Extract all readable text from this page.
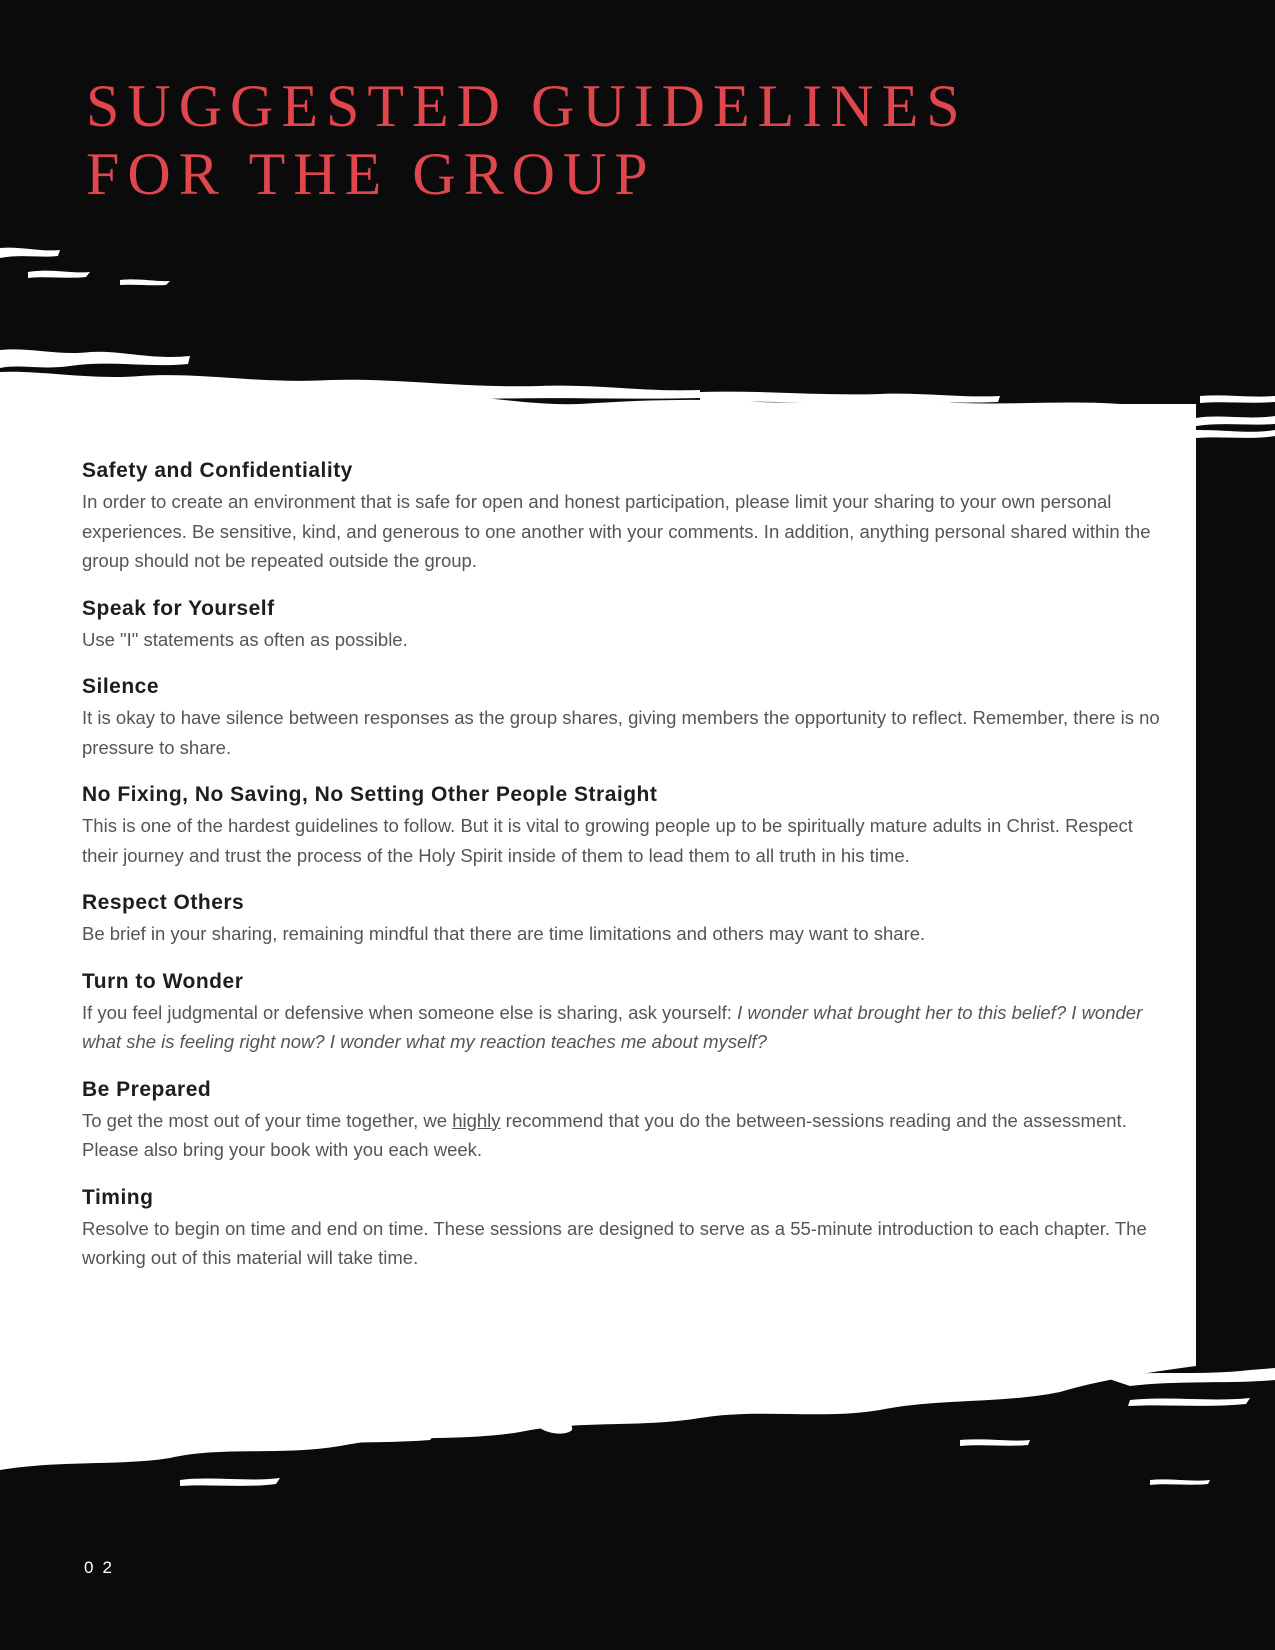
SUGGESTED GUIDELINES
FOR THE GROUP
Safety and Confidentiality

In order to create an environment that is safe for open and honest participation, please limit your sharing to your own personal experiences. Be sensitive, kind, and generous to one another with your comments. In addition, anything personal shared within the group should not be repeated outside the group.

Speak for Yourself

Use "I" statements as often as possible.

Silence

It is okay to have silence between responses as the group shares, giving members the opportunity to reflect. Remember, there is no pressure to share.

No Fixing, No Saving, No Setting Other People Straight

This is one of the hardest guidelines to follow. But it is vital to growing people up to be spiritually mature adults in Christ. Respect their journey and trust the process of the Holy Spirit inside of them to lead them to all truth in his time.

Respect Others

Be brief in your sharing, remaining mindful that there are time limitations and others may want to share.

Turn to Wonder

If you feel judgmental or defensive when someone else is sharing, ask yourself: I wonder what brought her to this belief? I wonder what she is feeling right now? I wonder what my reaction teaches me about myself?

Be Prepared

To get the most out of your time together, we highly recommend that you do the between-sessions reading and the assessment. Please also bring your book with you each week.

Timing

Resolve to begin on time and end on time. These sessions are designed to serve as a 55-minute introduction to each chapter. The working out of this material will take time.

02
